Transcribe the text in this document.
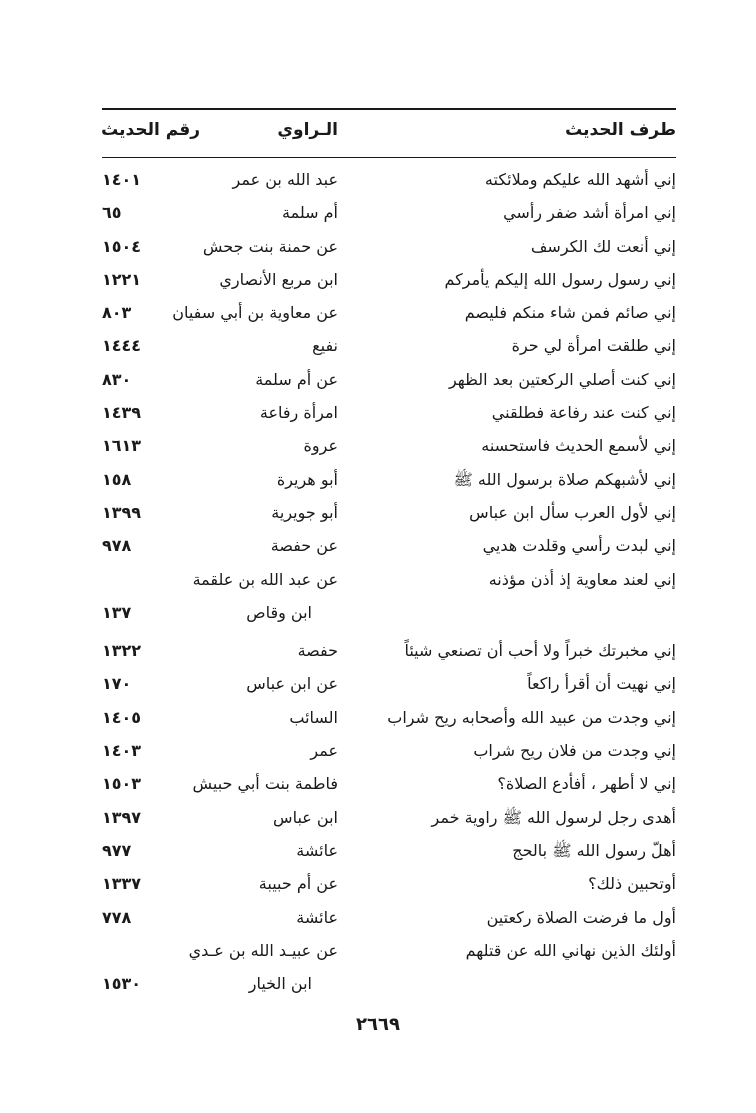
طرف الحديث
الـراوي
رقم الحديث
إني أشهد الله عليكم وملائكته
عبد الله بن عمر
١٤٠١
إني امرأة أشد ضفر رأسي
أم سلمة
٦٥
إني أنعت لك الكرسف
عن حمنة بنت جحش
١٥٠٤
إني رسول رسول الله إليكم يأمركم
ابن مربع الأنصاري
١٢٢١
إني صائم فمن شاء منكم فليصم
عن معاوية بن أبي سفيان
٨٠٣
إني طلقت امرأة لي حرة
نفيع
١٤٤٤
إني كنت أصلي الركعتين بعد الظهر
عن أم سلمة
٨٣٠
إني كنت عند رفاعة فطلقني
امرأة رفاعة
١٤٣٩
إني لأسمع الحديث فاستحسنه
عروة
١٦١٣
إني لأشبهكم صلاة برسول الله ﷺ
أبو هريرة
١٥٨
إني لأول العرب سأل ابن عباس
أبو جويرية
١٣٩٩
إني لبدت رأسي وقلدت هديي
عن حفصة
٩٧٨
إني لعند معاوية إذ أذن مؤذنه
عن عبد الله بن علقمة
ابن وقاص
١٣٧
إني مخبرتك خبراً ولا أحب أن تصنعي شيئاً
حفصة
١٣٢٢
إني نهيت أن أقرأ راكعاً
عن ابن عباس
١٧٠
إني وجدت من عبيد الله وأصحابه ريح شراب
السائب
١٤٠٥
إني وجدت من فلان ريح شراب
عمر
١٤٠٣
إني لا أطهر ، أفأدع الصلاة؟
فاطمة بنت أبي حبيش
١٥٠٣
أهدى رجل لرسول الله ﷺ راوية خمر
ابن عباس
١٣٩٧
أهلّ رسول الله ﷺ بالحج
عائشة
٩٧٧
أوتحبين ذلك؟
عن أم حبيبة
١٣٣٧
أول ما فرضت الصلاة ركعتين
عائشة
٧٧٨
أولئك الذين نهاني الله عن قتلهم
عن عبيـد الله بن عـدي
ابن الخيار
١٥٣٠
٢٦٦٩
